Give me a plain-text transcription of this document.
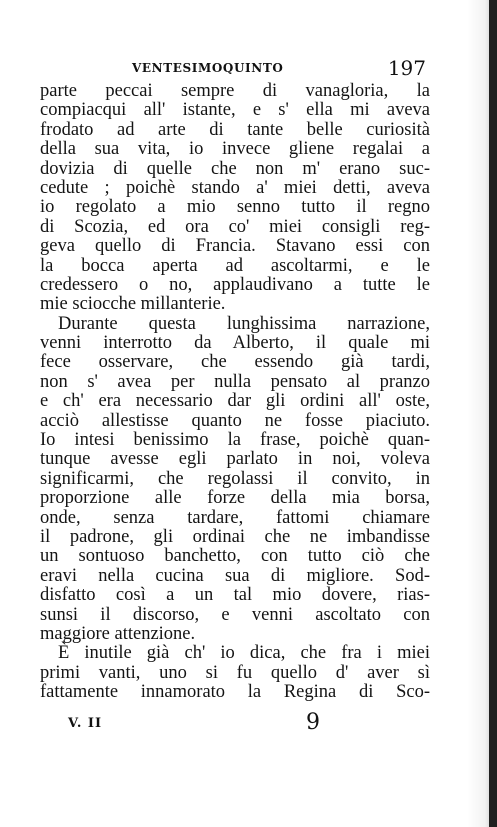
VENTESIMOQUINTO	197
parte peccai sempre di vanagloria, la
compiacqui all' istante, e s' ella mi aveva
frodato ad arte di tante belle curiosità
della sua vita, io invece gliene regalai a
dovizia di quelle che non m' erano suc-
cedute ; poichè stando a' miei detti, aveva
io regolato a mio senno tutto il regno
di Scozia, ed ora co' miei consigli reg-
geva quello di Francia. Stavano essi con
la bocca aperta ad ascoltarmi, e le
credessero o no, applaudivano a tutte le
mie sciocche millanterie.
Durante questa lunghissima narrazione,
venni interrotto da Alberto, il quale mi
fece osservare, che essendo già tardi,
non s' avea per nulla pensato al pranzo
e ch' era necessario dar gli ordini all' oste,
acciò allestisse quanto ne fosse piaciuto.
Io intesi benissimo la frase, poichè quan-
tunque avesse egli parlato in noi, voleva
significarmi, che regolassi il convito, in
proporzione alle forze della mia borsa,
onde, senza tardare, fattomi chiamare
il padrone, gli ordinai che ne imbandisse
un sontuoso banchetto, con tutto ciò che
eravi nella cucina sua di migliore. Sod-
disfatto così a un tal mio dovere, rias-
sunsi il discorso, e venni ascoltato con
maggiore attenzione.
È inutile già ch' io dica, che fra i miei
primi vanti, uno si fu quello d' aver sì
fattamente innamorato la Regina di Sco-
V. II	9
